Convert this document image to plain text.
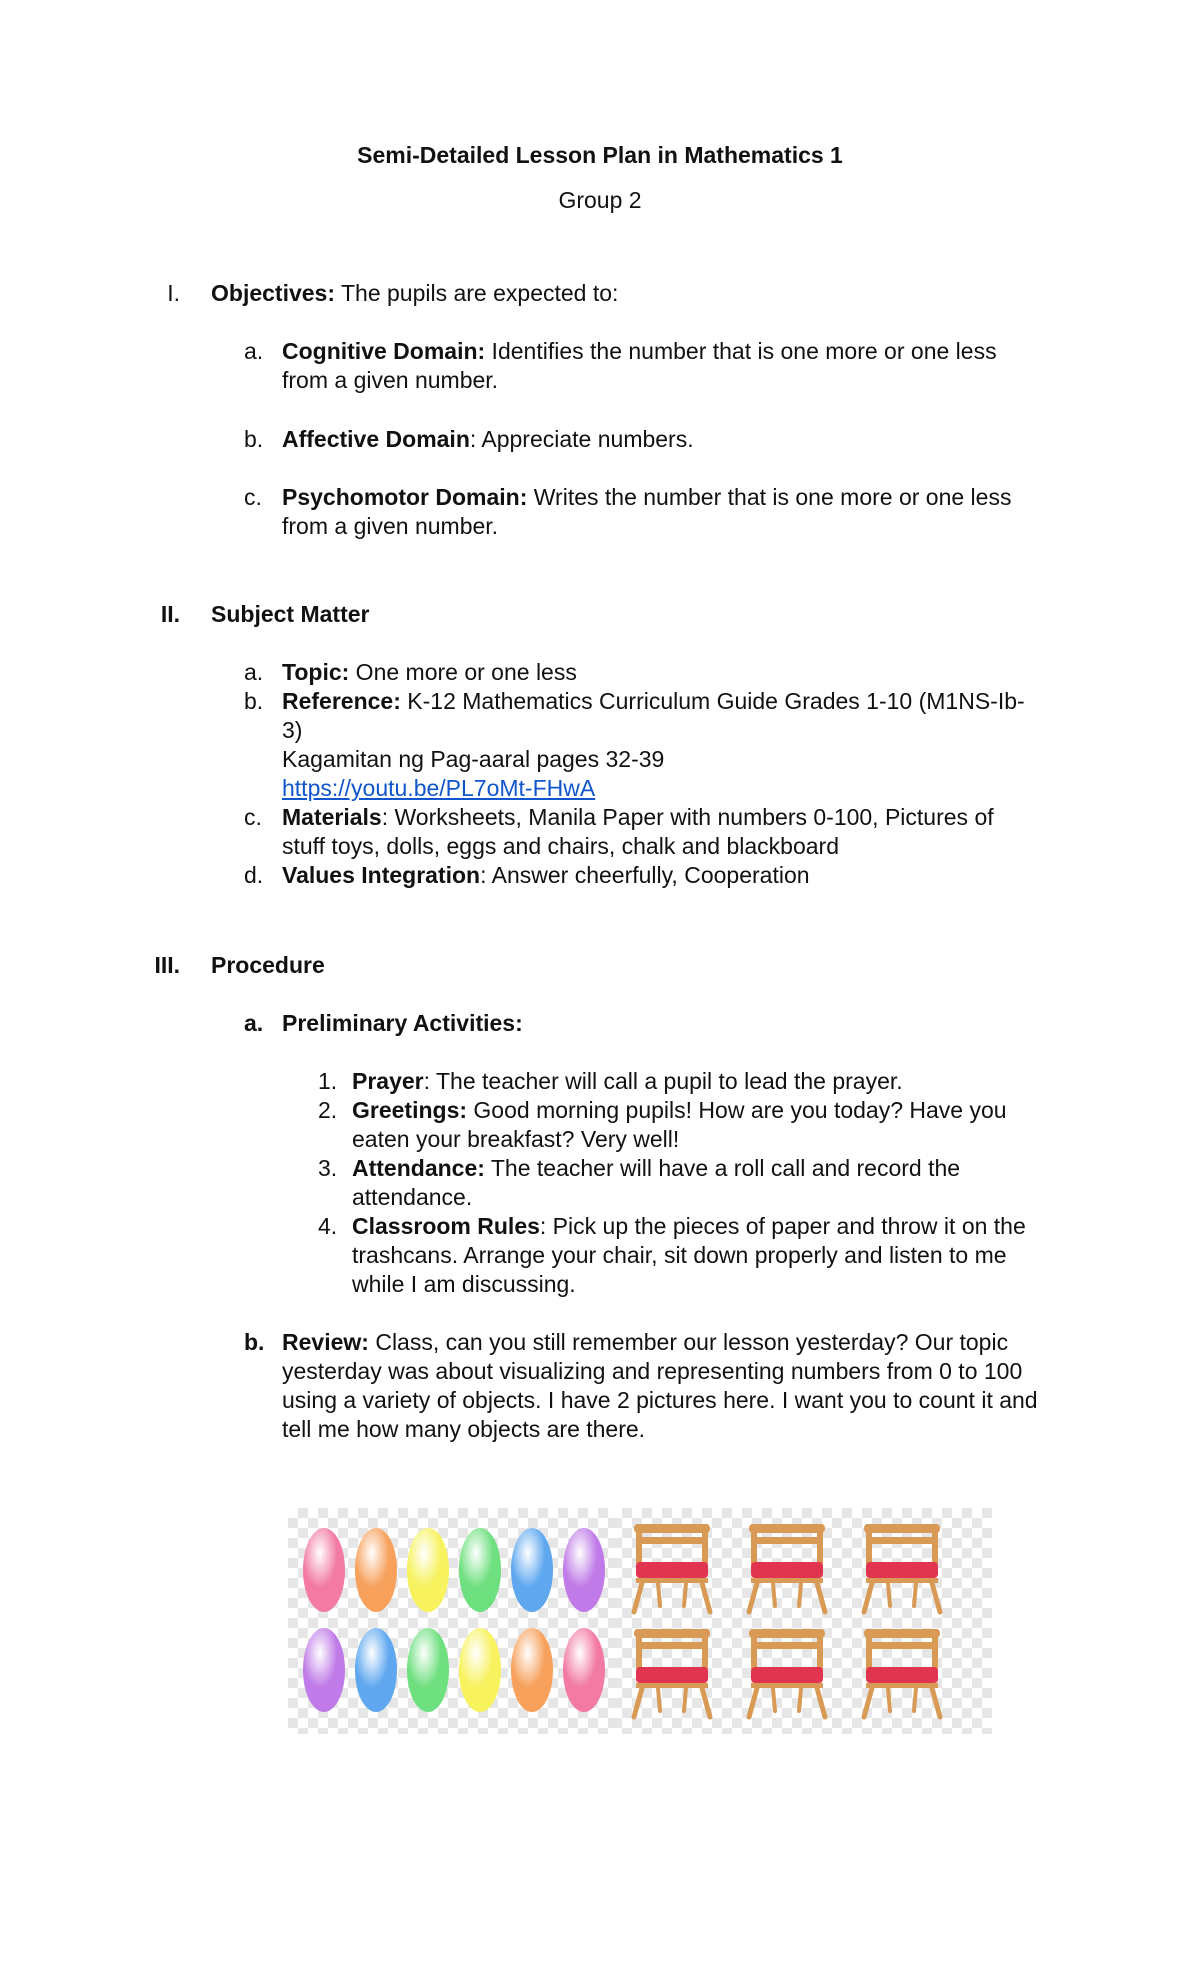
Semi-Detailed Lesson Plan in Mathematics 1
Group 2
I. Objectives: The pupils are expected to:
a. Cognitive Domain: Identifies the number that is one more or one less
from a given number.
b. Affective Domain: Appreciate numbers.
c. Psychomotor Domain: Writes the number that is one more or one less
from a given number.
II. Subject Matter
a. Topic: One more or one less
b. Reference: K-12 Mathematics Curriculum Guide Grades 1-10 (M1NS-Ib-
3)
Kagamitan ng Pag-aaral pages 32-39
https://youtu.be/PL7oMt-FHwA
c. Materials: Worksheets, Manila Paper with numbers 0-100, Pictures of
stuff toys, dolls, eggs and chairs, chalk and blackboard
d. Values Integration: Answer cheerfully, Cooperation
III. Procedure
a. Preliminary Activities:
1. Prayer: The teacher will call a pupil to lead the prayer.
2. Greetings: Good morning pupils! How are you today? Have you
eaten your breakfast? Very well!
3. Attendance: The teacher will have a roll call and record the
attendance.
4. Classroom Rules: Pick up the pieces of paper and throw it on the
trashcans. Arrange your chair, sit down properly and listen to me
while I am discussing.
b. Review: Class, can you still remember our lesson yesterday? Our topic
yesterday was about visualizing and representing numbers from 0 to 100
using a variety of objects. I have 2 pictures here. I want you to count it and
tell me how many objects are there.
